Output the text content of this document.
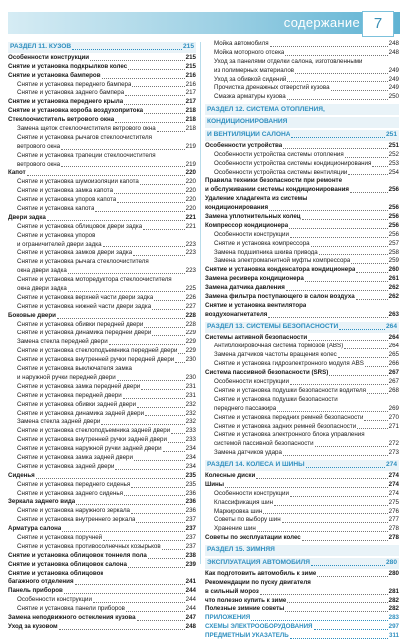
содержание 7
РАЗДЕЛ 11. КУЗОВ	215
Особенности конструкции	215
Снятие и установка подкрылков колес	215
Снятие и установка бамперов	216
Снятие и установка переднего бампера	216
Снятие и установка заднего бампера	217
Снятие и установка переднего крыла	217
Снятие и установка короба воздухопритока	218
Стеклоочиститель ветрового окна	218
Замена щеток стеклоочистителя ветрового окна	218
Снятие и установка рычагов стеклоочистителя
ветрового окна	219
Снятие и установка трапеции стеклоочистителя
ветрового окна	219
Капот	220
Снятие и установка шумоизоляции капота	220
Снятие и установка замка капота	220
Снятие и установка упоров капота	220
Снятие и установка капота	220
Двери задка	221
Снятие и установка облицовок двери задка	221
Снятие и установка упоров
и ограничителей двери задка	223
Снятие и установка замков двери задка	223
Снятие и установка рычага стеклоочистителя
окна двери задка	223
Снятие и установка моторедуктора стеклоочистителя
окна двери задка	225
Снятие и установка верхней части двери задка	226
Снятие и установка нижней части двери задка	227
Боковые двери	228
Снятие и установка обивки передней двери	228
Снятие и установка динамика передней двери	229
Замена стекла передней двери	229
Снятие и установка стеклоподъемника передней двери 229
Снятие и установка внутренней ручки передней двери 230
Снятие и установка выключателя замка
и наружной ручки передней двери	230
Снятие и установка замка передней двери	231
Снятие и установка передней двери	231
Снятие и установка обивки задней двери	232
Снятие и установка динамика задней двери	232
Замена стекла задней двери	232
Снятие и установка стеклоподъемника задней двери 233
Снятие и установка внутренней ручки задней двери	233
Снятие и установка наружной ручки задней двери	234
Снятие и установка замка задней двери	234
Снятие и установка задней двери	234
Сиденья	235
Снятие и установка переднего сиденья	235
Снятие и установка заднего сиденья	236
Зеркала заднего вида	236
Снятие и установка наружного зеркала	236
Снятие и установка внутреннего зеркала	237
Арматура салона	237
Снятие и установка поручней	237
Снятие и установка противосолнечных козырьков	237
Снятие и установка облицовок тоннеля пола	238
Снятие и установка облицовок салона	239
Снятие и установка облицовок
багажного отделения	241
Панель приборов	244
Особенности конструкции	244
Снятие и установка панели приборов	244
Замена неподвижного остекления кузова	247
Уход за кузовом	248
Мойка автомобиля	248
Мойка моторного отсека	248
Уход за панелями отделки салона, изготовленными
из полимерных материалов	249
Уход за обивкой сидений	249
Прочистка дренажных отверстий кузова	249
Смазка арматуры кузова	250
РАЗДЕЛ 12. СИСТЕМА ОТОПЛЕНИЯ,
КОНДИЦИОНИРОВАНИЯ
И ВЕНТИЛЯЦИИ САЛОНА	251
Особенности устройства	251
Особенности устройства системы отопления	252
Особенности устройства системы кондиционирования	253
Особенности устройства системы вентиляции	254
Правила техники безопасности при ремонте
и обслуживании системы кондиционирования	256
Удаление хладагента из системы
кондиционирования	256
Замена уплотнительных колец	256
Компрессор кондиционера	256
Особенности конструкции	256
Снятие и установка компрессора	257
Замена подшипника шкива привода	258
Замена электромагнитной муфты компрессора	259
Снятие и установка конденсатора кондиционера	260
Замена ресивера кондиционера	261
Замена датчика давления	262
Замена фильтра поступающего в салон воздуха	262
Снятие и установка вентилятора
воздухонагнетателя	263
РАЗДЕЛ 13. СИСТЕМЫ БЕЗОПАСНОСТИ	264
Системы активной безопасности	264
Антиблокировочная система тормозов (ABS)	264
Замена датчиков частоты вращения колес	265
Снятие и установка гидроэлектронного модуля ABS	266
Система пассивной безопасности (SRS)	267
Особенности конструкции	267
Снятие и установка подушки безопасности водителя	268
Снятие и установка подушки безопасности
переднего пассажира	269
Снятие и установка передних ремней безопасности	270
Снятие и установка задних ремней безопасности	271
Снятие и установка электронного блока управления
системой пассивной безопасности	272
Замена датчиков удара	273
РАЗДЕЛ 14. КОЛЕСА И ШИНЫ	274
Колесные диски	274
Шины	274
Особенности конструкции	274
Классификация шин	275
Маркировка шин	276
Советы по выбору шин	277
Хранение шин	278
Советы по эксплуатации колес	278
РАЗДЕЛ 15. ЗИМНЯЯ
ЭКСПЛУАТАЦИЯ АВТОМОБИЛЯ	280
Как подготовить автомобиль к зиме	280
Рекомендации по пуску двигателя
в сильный мороз	281
что полезно купить к зиме	282
Полезные зимние советы	282
ПРИЛОЖЕНИЯ	283
СХЕМЫ ЭЛЕКТРООБОРУДОВАНИЯ	297
ПРЕДМЕТНЫЙ УКАЗАТЕЛЬ	311
